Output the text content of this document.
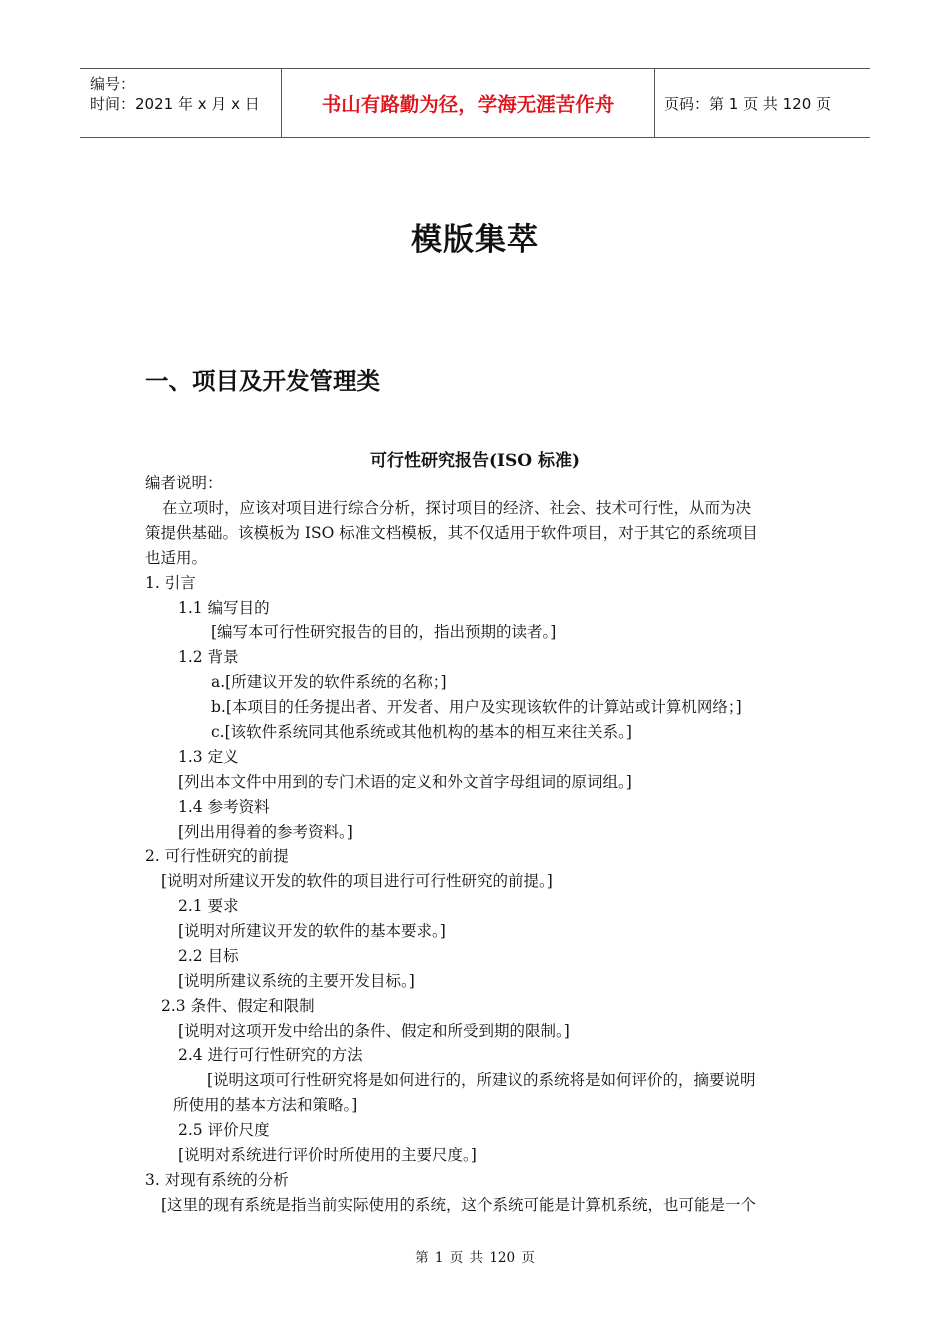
编号：
时间：2021 年 x 月 x 日	书山有路勤为径，学海无涯苦作舟	页码：第 1 页 共 120 页
模版集萃
一、项目及开发管理类
可行性研究报告(ISO 标准)
编者说明：
在立项时，应该对项目进行综合分析，探讨项目的经济、社会、技术可行性，从而为决
策提供基础。该模板为 ISO 标准文档模板，其不仅适用于软件项目，对于其它的系统项目
也适用。
1. 引言
1.1 编写目的
[编写本可行性研究报告的目的，指出预期的读者。]
1.2 背景
a.[所建议开发的软件系统的名称；]
b.[本项目的任务提出者、开发者、用户及实现该软件的计算站或计算机网络；]
c.[该软件系统同其他系统或其他机构的基本的相互来往关系。]
1.3 定义
[列出本文件中用到的专门术语的定义和外文首字母组词的原词组。]
1.4 参考资料
[列出用得着的参考资料。]
2. 可行性研究的前提
[说明对所建议开发的软件的项目进行可行性研究的前提。]
2.1 要求
[说明对所建议开发的软件的基本要求。]
2.2 目标
[说明所建议系统的主要开发目标。]
2.3 条件、假定和限制
[说明对这项开发中给出的条件、假定和所受到期的限制。]
2.4 进行可行性研究的方法
[说明这项可行性研究将是如何进行的，所建议的系统将是如何评价的，摘要说明
所使用的基本方法和策略。]
2.5 评价尺度
[说明对系统进行评价时所使用的主要尺度。]
3. 对现有系统的分析
[这里的现有系统是指当前实际使用的系统，这个系统可能是计算机系统，也可能是一个
第 1 页 共 120 页
